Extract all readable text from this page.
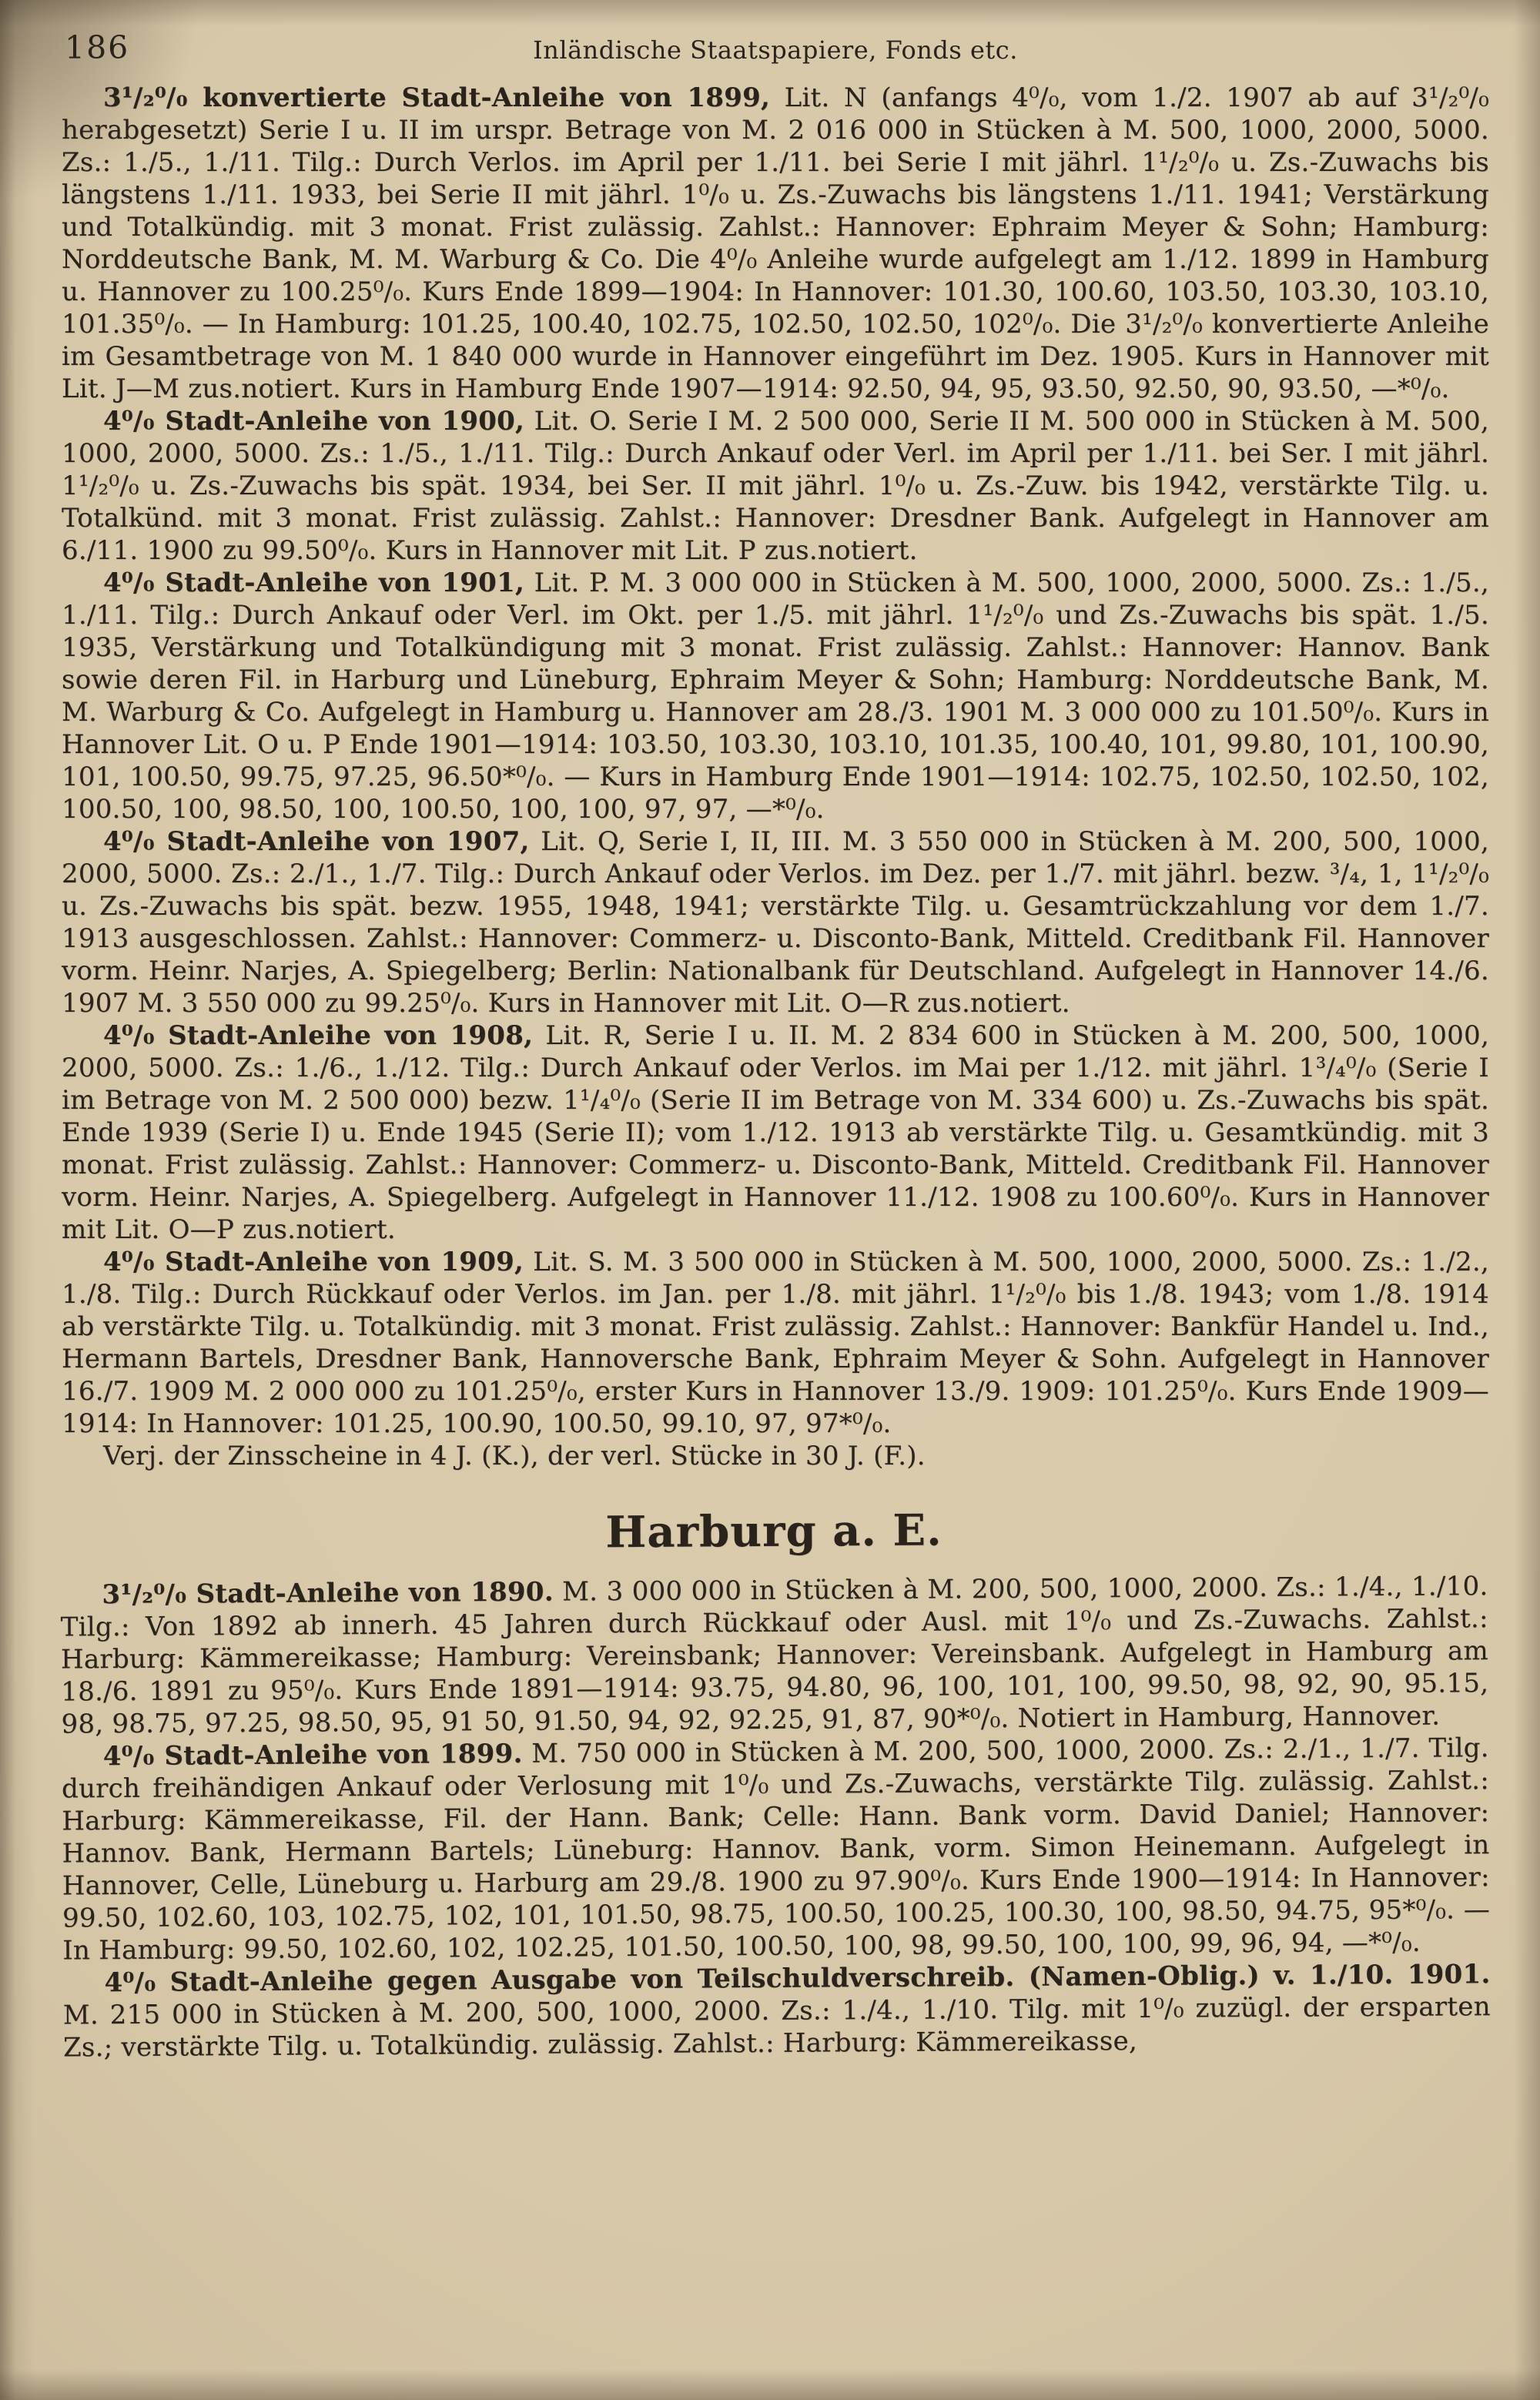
186	Inländische Staatspapiere, Fonds etc.

3¹/₂⁰/₀ konvertierte Stadt-Anleihe von 1899, Lit. N (anfangs 4⁰/₀, vom 1./2. 1907 ab auf 3¹/₂⁰/₀ herabgesetzt) Serie I u. II im urspr. Betrage von M. 2 016 000 in Stücken à M. 500, 1000, 2000, 5000. Zs.: 1./5., 1./11. Tilg.: Durch Verlos. im April per 1./11. bei Serie I mit jährl. 1¹/₂⁰/₀ u. Zs.-Zuwachs bis längstens 1./11. 1933, bei Serie II mit jährl. 1⁰/₀ u. Zs.-Zuwachs bis längstens 1./11. 1941; Verstärkung und Totalkündig. mit 3 monat. Frist zulässig. Zahlst.: Hannover: Ephraim Meyer & Sohn; Hamburg: Norddeutsche Bank, M. M. Warburg & Co. Die 4⁰/₀ Anleihe wurde aufgelegt am 1./12. 1899 in Hamburg u. Hannover zu 100.25⁰/₀. Kurs Ende 1899—1904: In Hannover: 101.30, 100.60, 103.50, 103.30, 103.10, 101.35⁰/₀. — In Hamburg: 101.25, 100.40, 102.75, 102.50, 102.50, 102⁰/₀. Die 3¹/₂⁰/₀ konvertierte Anleihe im Gesamtbetrage von M. 1 840 000 wurde in Hannover eingeführt im Dez. 1905. Kurs in Hannover mit Lit. J—M zus.notiert. Kurs in Hamburg Ende 1907—1914: 92.50, 94, 95, 93.50, 92.50, 90, 93.50, —*⁰/₀.

4⁰/₀ Stadt-Anleihe von 1900, Lit. O. Serie I M. 2 500 000, Serie II M. 500 000 in Stücken à M. 500, 1000, 2000, 5000. Zs.: 1./5., 1./11. Tilg.: Durch Ankauf oder Verl. im April per 1./11. bei Ser. I mit jährl. 1¹/₂⁰/₀ u. Zs.-Zuwachs bis spät. 1934, bei Ser. II mit jährl. 1⁰/₀ u. Zs.-Zuw. bis 1942, verstärkte Tilg. u. Totalkünd. mit 3 monat. Frist zulässig. Zahlst.: Hannover: Dresdner Bank. Aufgelegt in Hannover am 6./11. 1900 zu 99.50⁰/₀. Kurs in Hannover mit Lit. P zus.notiert.

4⁰/₀ Stadt-Anleihe von 1901, Lit. P. M. 3 000 000 in Stücken à M. 500, 1000, 2000, 5000. Zs.: 1./5., 1./11. Tilg.: Durch Ankauf oder Verl. im Okt. per 1./5. mit jährl. 1¹/₂⁰/₀ und Zs.-Zuwachs bis spät. 1./5. 1935, Verstärkung und Totalkündigung mit 3 monat. Frist zulässig. Zahlst.: Hannover: Hannov. Bank sowie deren Fil. in Harburg und Lüneburg, Ephraim Meyer & Sohn; Hamburg: Norddeutsche Bank, M. M. Warburg & Co. Aufgelegt in Hamburg u. Hannover am 28./3. 1901 M. 3 000 000 zu 101.50⁰/₀. Kurs in Hannover Lit. O u. P Ende 1901—1914: 103.50, 103.30, 103.10, 101.35, 100.40, 101, 99.80, 101, 100.90, 101, 100.50, 99.75, 97.25, 96.50*⁰/₀. — Kurs in Hamburg Ende 1901—1914: 102.75, 102.50, 102.50, 102, 100.50, 100, 98.50, 100, 100.50, 100, 100, 97, 97, —*⁰/₀.

4⁰/₀ Stadt-Anleihe von 1907, Lit. Q, Serie I, II, III. M. 3 550 000 in Stücken à M. 200, 500, 1000, 2000, 5000. Zs.: 2./1., 1./7. Tilg.: Durch Ankauf oder Verlos. im Dez. per 1./7. mit jährl. bezw. ³/₄, 1, 1¹/₂⁰/₀ u. Zs.-Zuwachs bis spät. bezw. 1955, 1948, 1941; verstärkte Tilg. u. Gesamtrückzahlung vor dem 1./7. 1913 ausgeschlossen. Zahlst.: Hannover: Commerz- u. Disconto-Bank, Mitteld. Creditbank Fil. Hannover vorm. Heinr. Narjes, A. Spiegelberg; Berlin: Nationalbank für Deutschland. Aufgelegt in Hannover 14./6. 1907 M. 3 550 000 zu 99.25⁰/₀. Kurs in Hannover mit Lit. O—R zus.notiert.

4⁰/₀ Stadt-Anleihe von 1908, Lit. R, Serie I u. II. M. 2 834 600 in Stücken à M. 200, 500, 1000, 2000, 5000. Zs.: 1./6., 1./12. Tilg.: Durch Ankauf oder Verlos. im Mai per 1./12. mit jährl. 1³/₄⁰/₀ (Serie I im Betrage von M. 2 500 000) bezw. 1¹/₄⁰/₀ (Serie II im Betrage von M. 334 600) u. Zs.-Zuwachs bis spät. Ende 1939 (Serie I) u. Ende 1945 (Serie II); vom 1./12. 1913 ab verstärkte Tilg. u. Gesamtkündig. mit 3 monat. Frist zulässig. Zahlst.: Hannover: Commerz- u. Disconto-Bank, Mitteld. Creditbank Fil. Hannover vorm. Heinr. Narjes, A. Spiegelberg. Aufgelegt in Hannover 11./12. 1908 zu 100.60⁰/₀. Kurs in Hannover mit Lit. O—P zus.notiert.

4⁰/₀ Stadt-Anleihe von 1909, Lit. S. M. 3 500 000 in Stücken à M. 500, 1000, 2000, 5000. Zs.: 1./2., 1./8. Tilg.: Durch Rückkauf oder Verlos. im Jan. per 1./8. mit jährl. 1¹/₂⁰/₀ bis 1./8. 1943; vom 1./8. 1914 ab verstärkte Tilg. u. Totalkündig. mit 3 monat. Frist zulässig. Zahlst.: Hannover: Bankfür Handel u. Ind., Hermann Bartels, Dresdner Bank, Hannoversche Bank, Ephraim Meyer & Sohn. Aufgelegt in Hannover 16./7. 1909 M. 2 000 000 zu 101.25⁰/₀, erster Kurs in Hannover 13./9. 1909: 101.25⁰/₀. Kurs Ende 1909—1914: In Hannover: 101.25, 100.90, 100.50, 99.10, 97, 97*⁰/₀.

Verj. der Zinsscheine in 4 J. (K.), der verl. Stücke in 30 J. (F.).

Harburg a. E.

3¹/₂⁰/₀ Stadt-Anleihe von 1890. M. 3 000 000 in Stücken à M. 200, 500, 1000, 2000. Zs.: 1./4., 1./10. Tilg.: Von 1892 ab innerh. 45 Jahren durch Rückkauf oder Ausl. mit 1⁰/₀ und Zs.-Zuwachs. Zahlst.: Harburg: Kämmereikasse; Hamburg: Vereinsbank; Hannover: Vereinsbank. Aufgelegt in Hamburg am 18./6. 1891 zu 95⁰/₀. Kurs Ende 1891—1914: 93.75, 94.80, 96, 100, 101, 100, 99.50, 98, 92, 90, 95.15, 98, 98.75, 97.25, 98.50, 95, 91 50, 91.50, 94, 92, 92.25, 91, 87, 90*⁰/₀. Notiert in Hamburg, Hannover.

4⁰/₀ Stadt-Anleihe von 1899. M. 750 000 in Stücken à M. 200, 500, 1000, 2000. Zs.: 2./1., 1./7. Tilg. durch freihändigen Ankauf oder Verlosung mit 1⁰/₀ und Zs.-Zuwachs, verstärkte Tilg. zulässig. Zahlst.: Harburg: Kämmereikasse, Fil. der Hann. Bank; Celle: Hann. Bank vorm. David Daniel; Hannover: Hannov. Bank, Hermann Bartels; Lüneburg: Hannov. Bank, vorm. Simon Heinemann. Aufgelegt in Hannover, Celle, Lüneburg u. Harburg am 29./8. 1900 zu 97.90⁰/₀. Kurs Ende 1900—1914: In Hannover: 99.50, 102.60, 103, 102.75, 102, 101, 101.50, 98.75, 100.50, 100.25, 100.30, 100, 98.50, 94.75, 95*⁰/₀. — In Hamburg: 99.50, 102.60, 102, 102.25, 101.50, 100.50, 100, 98, 99.50, 100, 100, 99, 96, 94, —*⁰/₀.

4⁰/₀ Stadt-Anleihe gegen Ausgabe von Teilschuldverschreib. (Namen-Oblig.) v. 1./10. 1901. M. 215 000 in Stücken à M. 200, 500, 1000, 2000. Zs.: 1./4., 1./10. Tilg. mit 1⁰/₀ zuzügl. der ersparten Zs.; verstärkte Tilg. u. Totalkündig. zulässig. Zahlst.: Harburg: Kämmereikasse,
